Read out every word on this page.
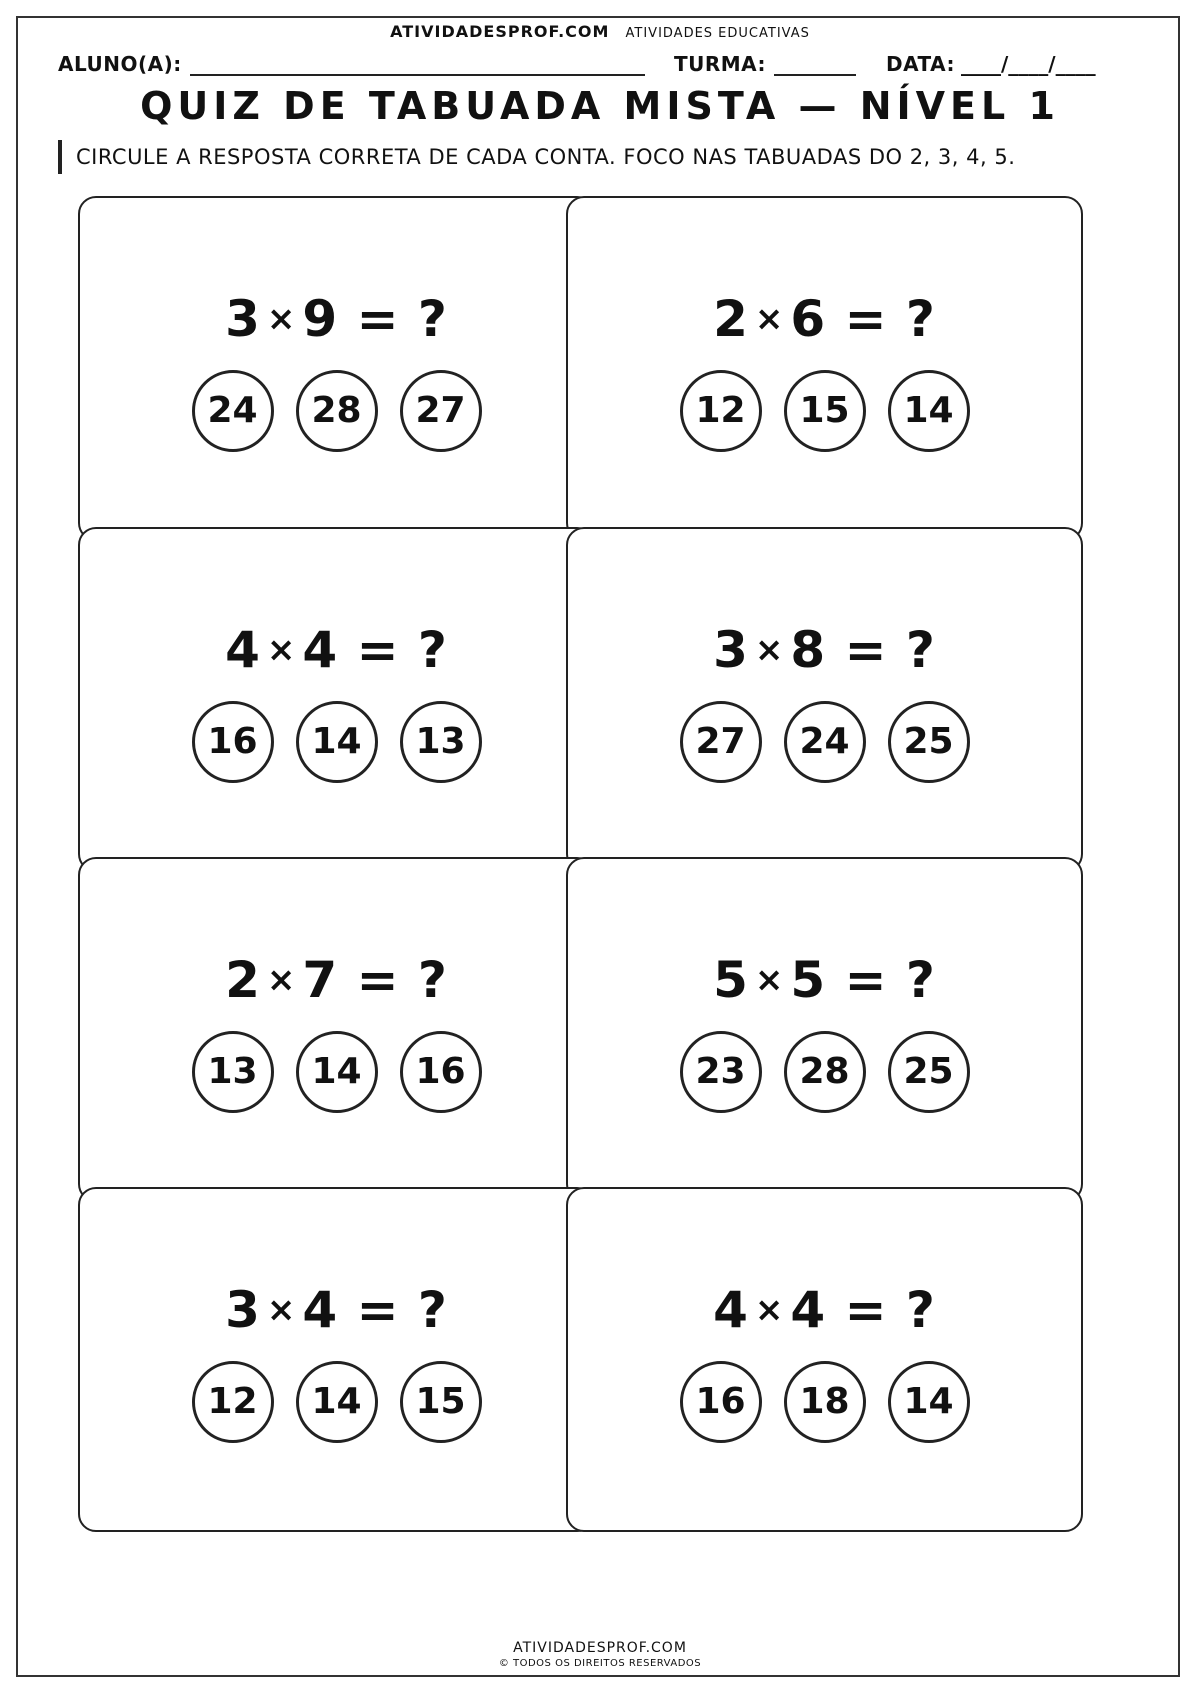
ATIVIDADESPROF.COM ATIVIDADES EDUCATIVAS
ALUNO(A):	TURMA:	DATA: ____/____/____
QUIZ DE TABUADA MISTA — NÍVEL 1
CIRCULE A RESPOSTA CORRETA DE CADA CONTA. FOCO NAS TABUADAS DO 2, 3, 4, 5.
3 × 9 = ?
24 28 27
2 × 6 = ?
12 15 14
4 × 4 = ?
16 14 13
3 × 8 = ?
27 24 25
2 × 7 = ?
13 14 16
5 × 5 = ?
23 28 25
3 × 4 = ?
12 14 15
4 × 4 = ?
16 18 14
ATIVIDADESPROF.COM
© TODOS OS DIREITOS RESERVADOS
